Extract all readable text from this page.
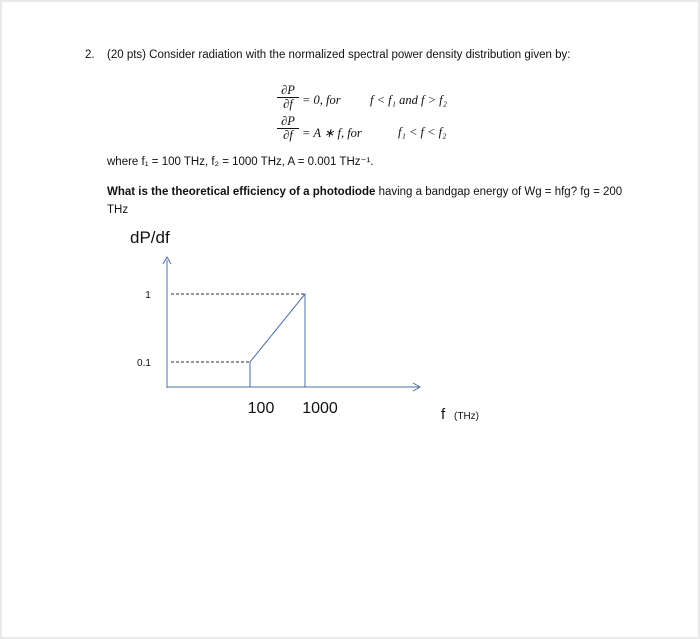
2. (20 pts) Consider radiation with the normalized spectral power density distribution given by:
∂P
∂f = 0, for f < f₁ and f > f₂
∂P
∂f = A ∗ f, for	f₁ < f < f₂
where f₁ = 100 THz, f₂ = 1000 THz, A = 0.001 THz⁻¹.
What is the theoretical efficiency of a photodiode having a bandgap energy of Wg = hfg? fg = 200
THz
dP/df
1
0.1
100 1000	f (THz)
